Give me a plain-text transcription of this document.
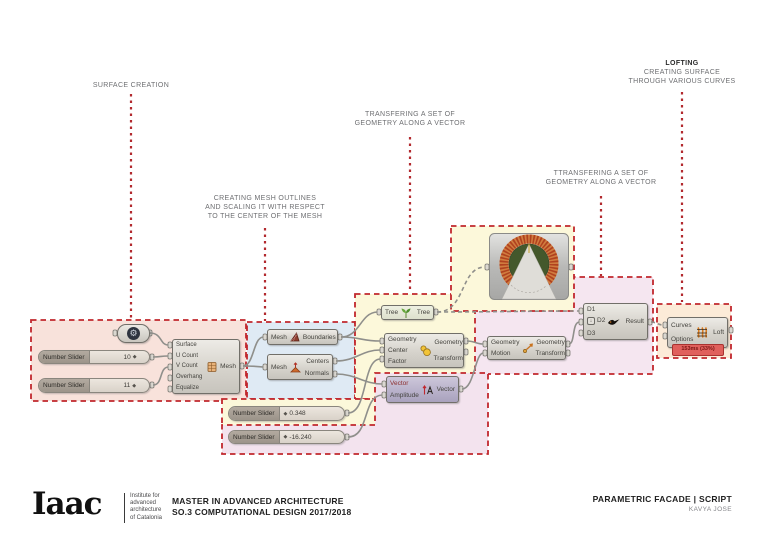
SURFACE CREATION
CREATING MESH OUTLINES
AND SCALING IT WITH RESPECT
TO THE CENTER OF THE MESH
TRANSFERING A SET OF
GEOMETRY ALONG A VECTOR
TTRANSFERING A SET OF
GEOMETRY ALONG A VECTOR
LOFTING
CREATING SURFACE
THROUGH VARIOUS CURVES
⚙
Number Slider	10 ◆
Number Slider	11 ◆
Number Slider	◆ 0.348
Number Slider	◆ -16.240
Surface
U Count
V Count
Overhang
Equalize
Mesh
Mesh Boundaries
Mesh
Centers
Normals
Tree	Tree
Geometry
Center
Factor
Geometry
Transform
Vector
Amplitude
Vector
Geometry
Motion
Geometry
Transform
D1
↓ D2
D3
Result
Curves
Options
Loft
153ms (33%)
Iaac	Institute for
advanced
architecture
of Catalonia
MASTER IN ADVANCED ARCHITECTURE
SO.3 COMPUTATIONAL DESIGN 2017/2018
PARAMETRIC FACADE | SCRIPT
KAVYA JOSE
